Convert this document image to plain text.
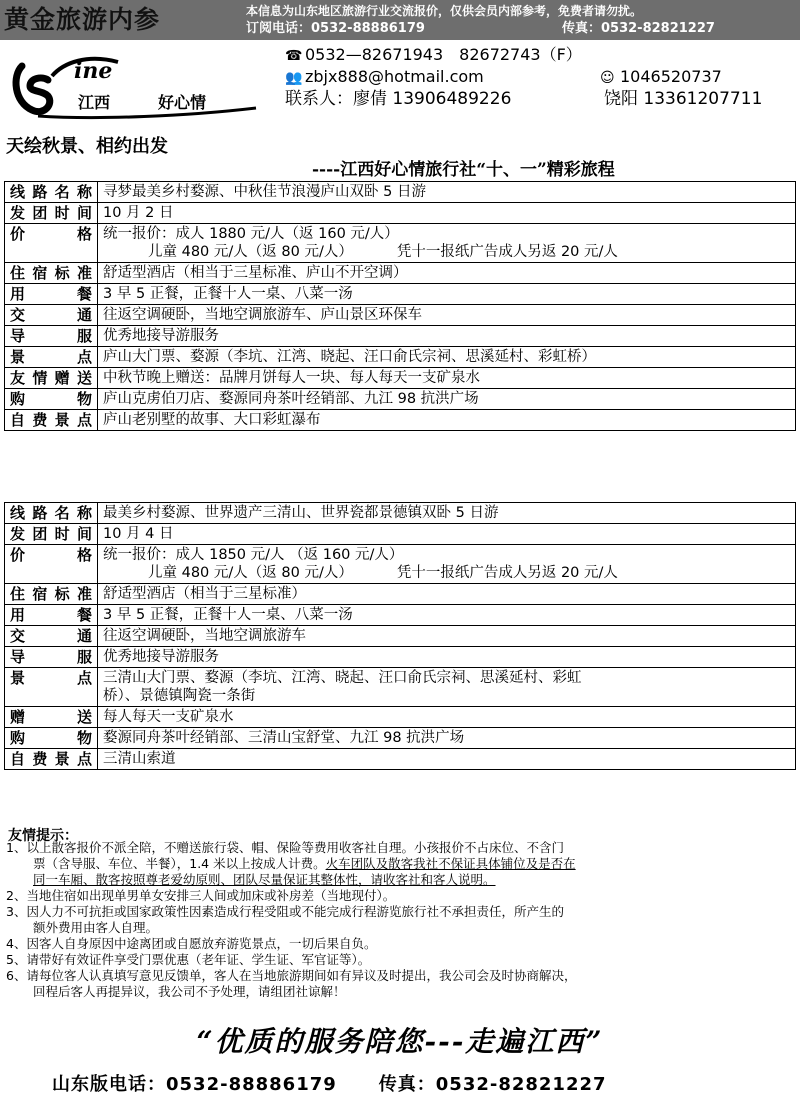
黄金旅游内参	本信息为山东地区旅游行业交流报价，仅供会员内部参考，免费者请勿扰。
订阅电话：0532-88886179	传真：0532-82821227
ine
江西	好心情
☎ 0532—82671943　82672743（F）
👥 zbjx888@hotmail.com	☺ 1046520737
联系人：廖倩 13906489226	饶阳 13361207711
天绘秋景、相约出发
----江西好心情旅行社“十、一”精彩旅程
线路名称	寻梦最美乡村婺源、中秋佳节浪漫庐山双卧 5 日游
发团时间	10 月 2 日
价格	统一报价：成人 1880 元/人（返 160 元/人）
儿童 480 元/人（返 80 元/人） 凭十一报纸广告成人另返 20 元/人

住宿标准	舒适型酒店（相当于三星标准、庐山不开空调）
用餐	3 早 5 正餐，正餐十人一桌、八菜一汤
交通	往返空调硬卧，当地空调旅游车、庐山景区环保车
导服	优秀地接导游服务
景点	庐山大门票、婺源（李坑、江湾、晓起、汪口俞氏宗祠、思溪延村、彩虹桥）
友情赠送	中秋节晚上赠送：品牌月饼每人一块、每人每天一支矿泉水
购物	庐山克虏伯刀店、婺源同舟茶叶经销部、九江 98 抗洪广场
自费景点	庐山老别墅的故事、大口彩虹瀑布
线路名称	最美乡村婺源、世界遗产三清山、世界瓷都景德镇双卧 5 日游
发团时间	10 月 4 日
价格	统一报价：成人 1850 元/人 （返 160 元/人）
儿童 480 元/人（返 80 元/人） 凭十一报纸广告成人另返 20 元/人

住宿标准	舒适型酒店（相当于三星标准）
用餐	3 早 5 正餐，正餐十人一桌、八菜一汤
交通	往返空调硬卧，当地空调旅游车
导服	优秀地接导游服务
景点	三清山大门票、婺源（李坑、江湾、晓起、汪口俞氏宗祠、思溪延村、彩虹
桥）、景德镇陶瓷一条街

赠送	每人每天一支矿泉水
购物	婺源同舟茶叶经销部、三清山宝舒堂、九江 98 抗洪广场
自费景点	三清山索道
友情提示：
1、以上散客报价不派全陪，不赠送旅行袋、帽、保险等费用收客社自理。小孩报价不占床位、不含门
票（含导服、车位、半餐），1.4 米以上按成人计费。火车团队及散客我社不保证具体铺位及是否在
同一车厢、散客按照尊老爱幼原则、团队尽量保证其整体性，请收客社和客人说明。
2、当地住宿如出现单男单女安排三人间或加床或补房差（当地现付）。
3、因人力不可抗拒或国家政策性因素造成行程受阻或不能完成行程游览旅行社不承担责任，所产生的
额外费用由客人自理。
4、因客人自身原因中途离团或自愿放弃游览景点，一切后果自负。
5、请带好有效证件享受门票优惠（老年证、学生证、军官证等）。
6、请每位客人认真填写意见反馈单，客人在当地旅游期间如有异议及时提出，我公司会及时协商解决，
回程后客人再提异议，我公司不予处理，请组团社谅解！
“优质的服务陪您---走遍江西”
山东版电话：0532-88886179 传真：0532-82821227
